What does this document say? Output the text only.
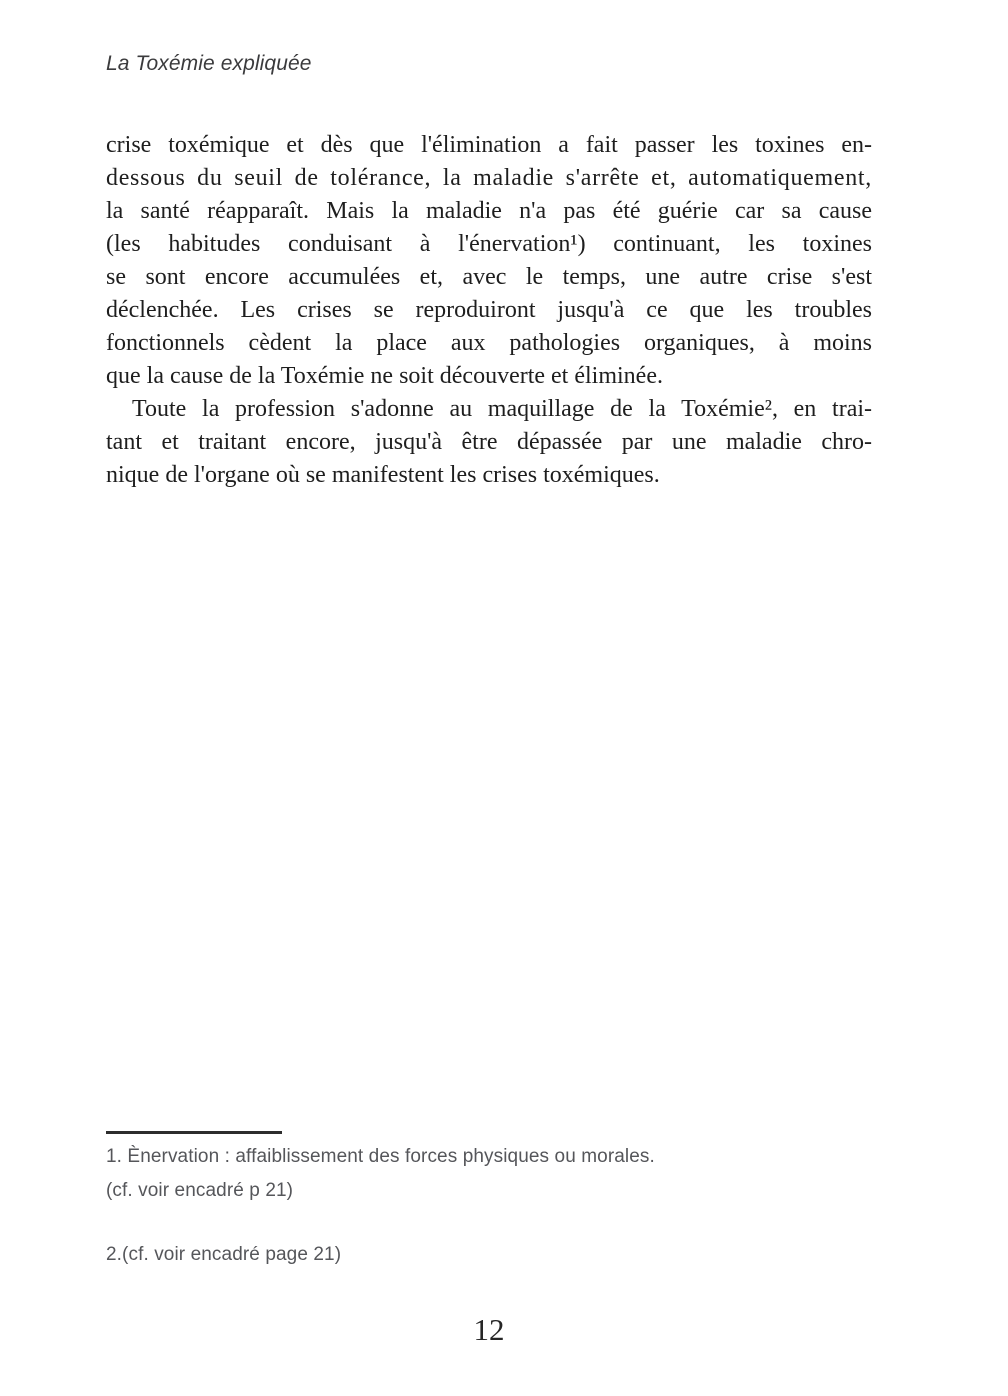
La Toxémie expliquée
crise toxémique et dès que l'élimination a fait passer les toxines en-
dessous du seuil de tolérance, la maladie s'arrête et, automatiquement,
la santé réapparaît. Mais la maladie n'a pas été guérie car sa cause
(les habitudes conduisant à l'énervation¹) continuant, les toxines
se sont encore accumulées et, avec le temps, une autre crise s'est
déclenchée. Les crises se reproduiront jusqu'à ce que les troubles
fonctionnels cèdent la place aux pathologies organiques, à moins
que la cause de la Toxémie ne soit découverte et éliminée.
Toute la profession s'adonne au maquillage de la Toxémie², en trai-
tant et traitant encore, jusqu'à être dépassée par une maladie chro-
nique de l'organe où se manifestent les crises toxémiques.
1. Ènervation : affaiblissement des forces physiques ou morales.
(cf. voir encadré p 21)
2.(cf. voir encadré page 21)
12
